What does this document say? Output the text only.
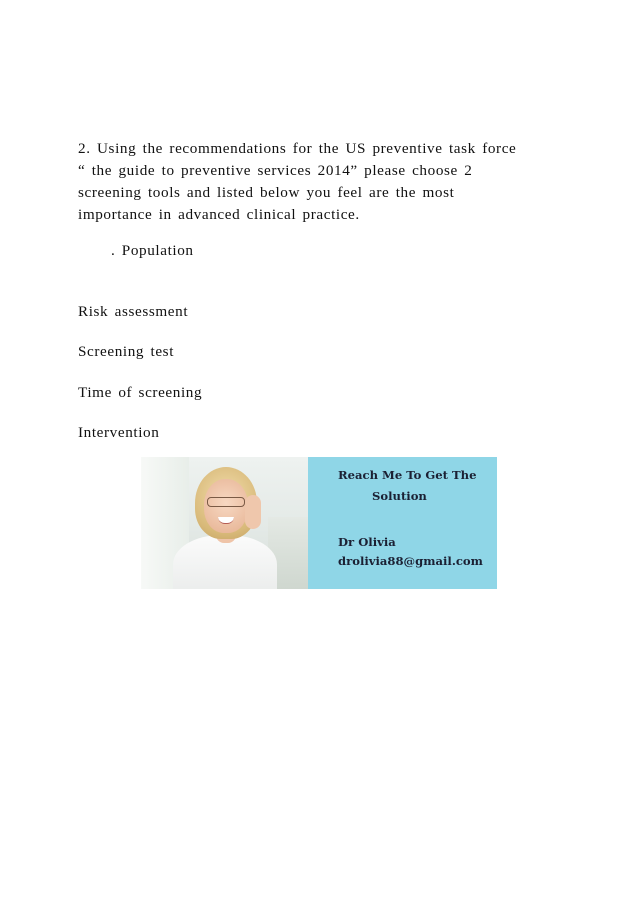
2. Using the recommendations for the US preventive task force
“ the guide to preventive services 2014” please choose 2
screening tools and listed below you feel are the most
importance in advanced clinical practice.

. Population

Risk assessment

Screening test

Time of screening

Intervention

Reach Me To Get The

Solution

Dr Olivia

drolivia88@gmail.com
